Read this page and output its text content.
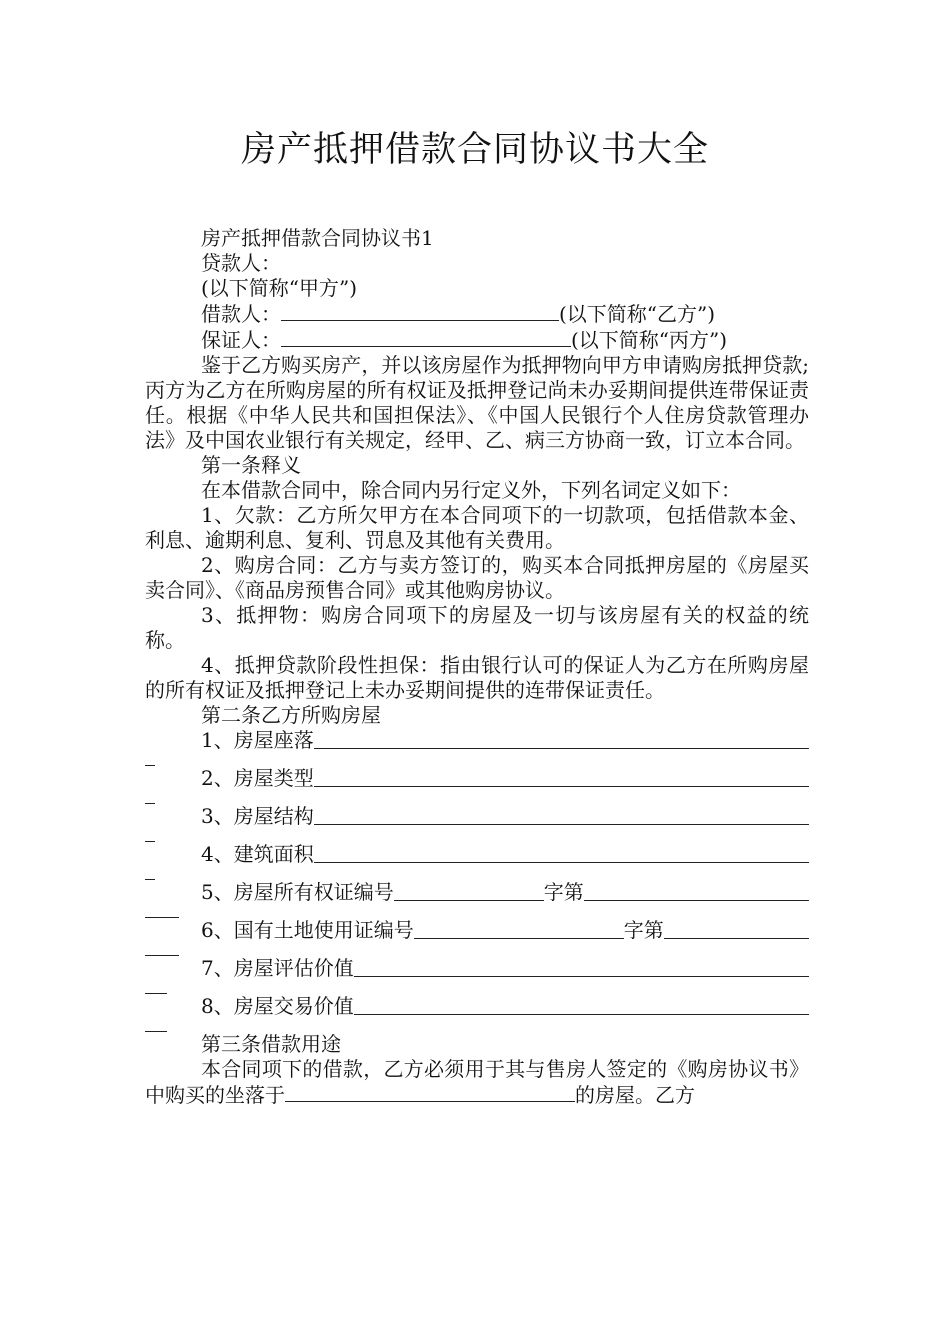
房产抵押借款合同协议书大全

房产抵押借款合同协议书1

贷款人：

(以下简称“甲方”)

借款人：	(以下简称“乙方”)

保证人：	(以下简称“丙方”)

鉴于乙方购买房产，并以该房屋作为抵押物向甲方申请购房抵押贷款;丙方为乙方在所购房屋的所有权证及抵押登记尚未办妥期间提供连带保证责任。根据《中华人民共和国担保法》、《中国人民银行个人住房贷款管理办法》及中国农业银行有关规定，经甲、乙、病三方协商一致，订立本合同。

第一条释义

在本借款合同中，除合同内另行定义外，下列名词定义如下：

1、欠款：乙方所欠甲方在本合同项下的一切款项，包括借款本金、利息、逾期利息、复利、罚息及其他有关费用。

2、购房合同：乙方与卖方签订的，购买本合同抵押房屋的《房屋买卖合同》、《商品房预售合同》或其他购房协议。

3、抵押物：购房合同项下的房屋及一切与该房屋有关的权益的统称。

4、抵押贷款阶段性担保：指由银行认可的保证人为乙方在所购房屋的所有权证及抵押登记上未办妥期间提供的连带保证责任。

第二条乙方所购房屋

1、房屋座落
2、房屋类型
3、房屋结构
4、建筑面积
5、房屋所有权证编号	字第
6、国有土地使用证编号	字第
7、房屋评估价值
8、房屋交易价值

第三条借款用途

本合同项下的借款，乙方必须用于其与售房人签定的《购房协议书》中购买的坐落于	的房屋。乙方
